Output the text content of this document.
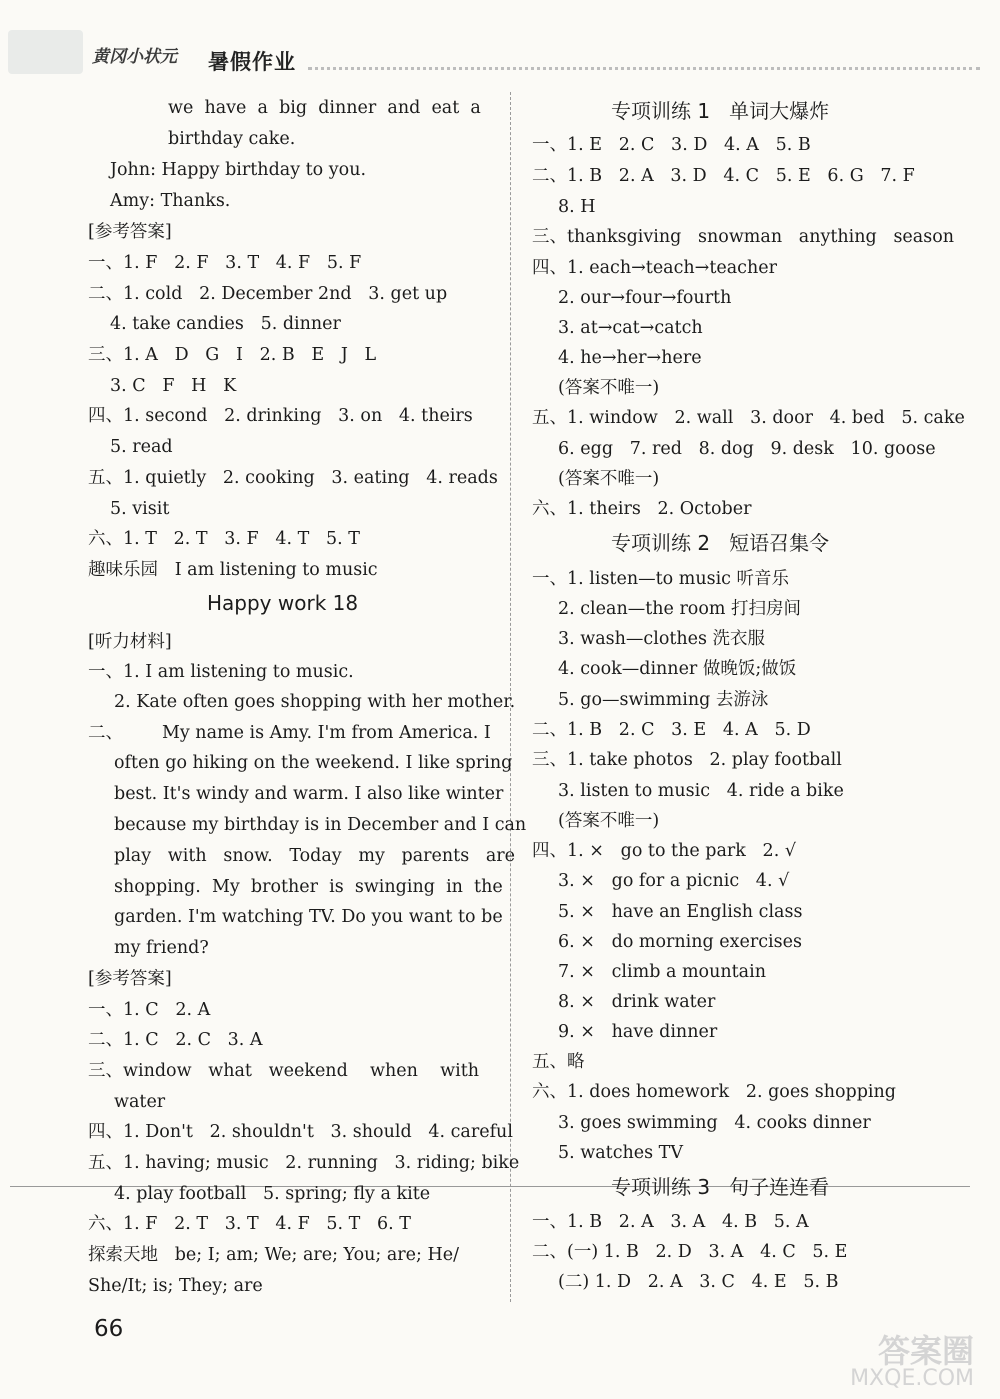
黄冈小状元 暑假作业
we  have  a  big  dinner  and  eat  a
birthday cake.
John: Happy birthday to you.
Amy: Thanks.
[参考答案]
一、1. F   2. F   3. T   4. F   5. F
二、1. cold   2. December 2nd   3. get up
4. take candies   5. dinner
三、1. A   D   G   I   2. B   E   J   L
3. C   F   H   K
四、1. second   2. drinking   3. on   4. theirs
5. read
五、1. quietly   2. cooking   3. eating   4. reads
5. visit
六、1. T   2. T   3. F   4. T   5. T
趣味乐园   I am listening to music
Happy work 18
[听力材料]
一、1. I am listening to music.
2. Kate often goes shopping with her mother.
二、       My name is Amy. I'm from America. I
often go hiking on the weekend. I like spring
best. It's windy and warm. I also like winter
because my birthday is in December and I can
play   with   snow.   Today   my   parents   are
shopping.  My  brother  is  swinging  in  the
garden. I'm watching TV. Do you want to be
my friend?
[参考答案]
一、1. C   2. A
二、1. C   2. C   3. A
三、window   what   weekend    when    with
water
四、1. Don't   2. shouldn't   3. should   4. careful
五、1. having; music   2. running   3. riding; bike
4. play football   5. spring; fly a kite
六、1. F   2. T   3. T   4. F   5. T   6. T
探索天地   be; I; am; We; are; You; are; He/
She/It; is; They; are
专项训练 1   单词大爆炸
一、1. E   2. C   3. D   4. A   5. B
二、1. B   2. A   3. D   4. C   5. E   6. G   7. F
8. H
三、thanksgiving   snowman   anything   season
四、1. each→teach→teacher
2. our→four→fourth
3. at→cat→catch
4. he→her→here
(答案不唯一)
五、1. window   2. wall   3. door   4. bed   5. cake
6. egg   7. red   8. dog   9. desk   10. goose
(答案不唯一)
六、1. theirs   2. October
专项训练 2   短语召集令
一、1. listen—to music 听音乐
2. clean—the room 打扫房间
3. wash—clothes 洗衣服
4. cook—dinner 做晚饭;做饭
5. go—swimming 去游泳
二、1. B   2. C   3. E   4. A   5. D
三、1. take photos   2. play football
3. listen to music   4. ride a bike
(答案不唯一)
四、1. ×   go to the park   2. √
3. ×   go for a picnic   4. √
5. ×   have an English class
6. ×   do morning exercises
7. ×   climb a mountain
8. ×   drink water
9. ×   have dinner
五、略
六、1. does homework   2. goes shopping
3. goes swimming   4. cooks dinner
5. watches TV
专项训练 3   句子连连看
一、1. B   2. A   3. A   4. B   5. A
二、(一) 1. B   2. D   3. A   4. C   5. E
(二) 1. D   2. A   3. C   4. E   5. B
66
答案圈
MXQE.COM
